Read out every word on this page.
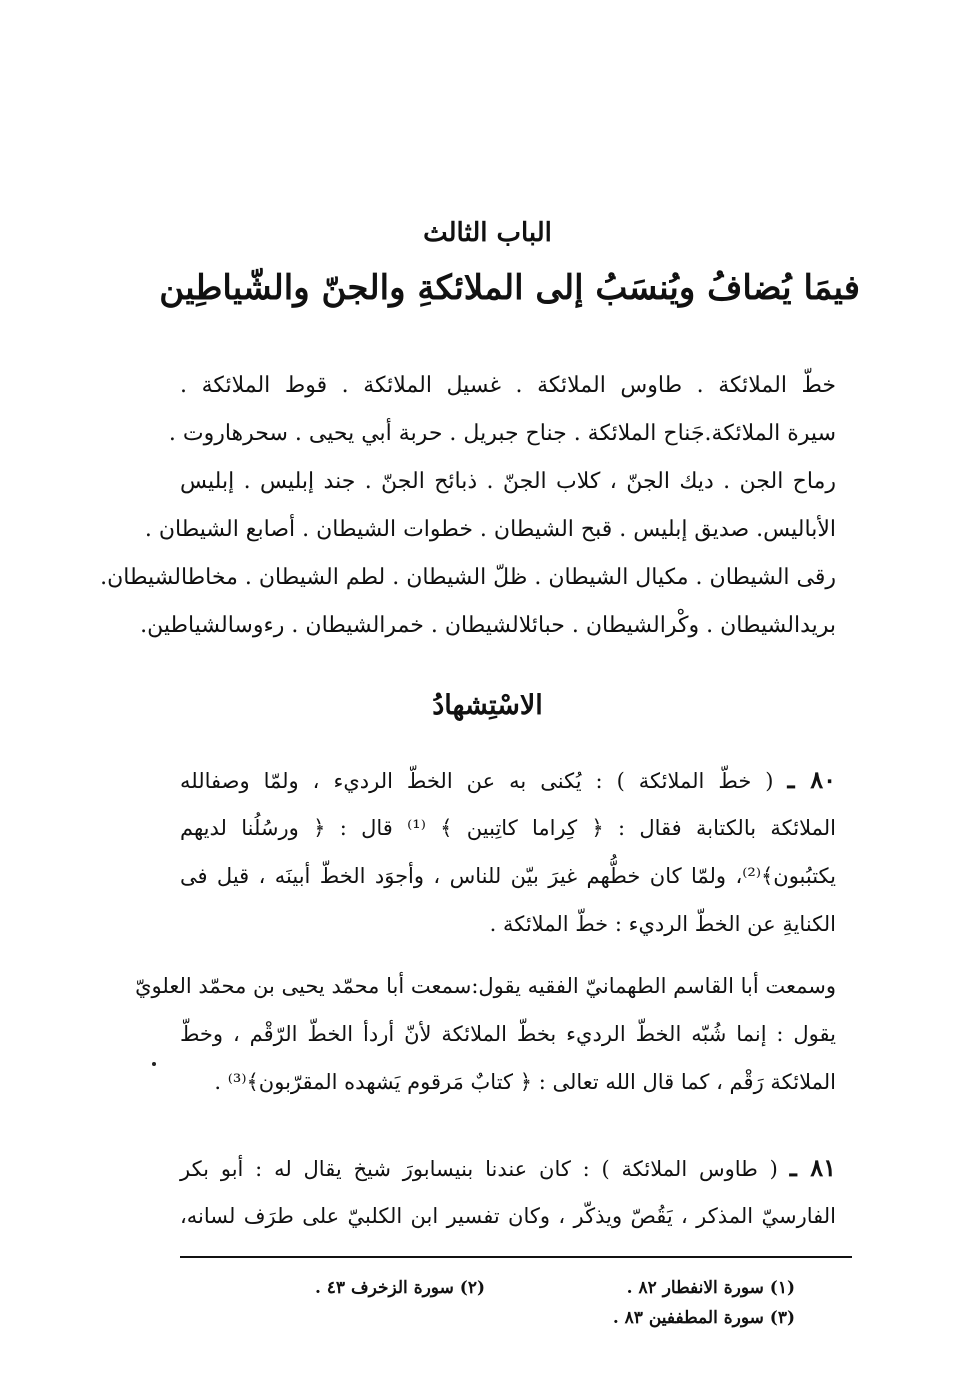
الباب الثالث
فيمَا يُضافُ ويُنسَبُ إلى الملائكةِ والجنّ والشّياطِين
خطّ الملائكة . طاوس الملائكة . غسيل الملائكة . قوط الملائكة .
سيرة الملائكة.جَناح الملائكة . جناح جبريل . حربة أبي يحيى . سحرهاروت .
رماح الجن . ديك الجنّ ، كلاب الجنّ . ذبائح الجنّ . جند إبليس . إبليس
الأباليس. صديق إبليس . قبح الشيطان . خطوات الشيطان . أصابع الشيطان .
رقى الشيطان . مكيال الشيطان . ظلّ الشيطان . لطم الشيطان . مخاطالشيطان.
بريدالشيطان . وكْرالشيطان . حبائلالشيطان . خمرالشيطان . رءوسالشياطين.
الاسْتِشهادُ
٨٠ ـ ( خطّ الملائكة ) : يُكنى به عن الخطّ الرديء ، ولمّا وصفالله
الملائكة بالكتابة فقال : ﴿ كِراما كاتِبين ﴾ ⁽¹⁾ قال : ﴿ ورسُلُنا لديهم
يكتبُبون﴾⁽²⁾، ولمّا كان خطُّهم غيرَ بيّن للناس ، وأجوَد الخطّ أبينَه ، قيل فى
الكنايةِ عن الخطّ الرديء : خطّ الملائكة .
وسمعت أبا القاسم الطهمانيّ الفقيه يقول:سمعت أبا محمّد يحيى بن محمّد العلويّ
يقول : إنما شُبّه الخطّ الرديء بخطّ الملائكة لأنّ أردأ الخطّ الرّقْم ، وخطّ
الملائكة رَقْم ، كما قال الله تعالى : ﴿ كتابٌ مَرقوم يَشهده المقرّبون﴾⁽³⁾ .
٨١ ـ ( طاوس الملائكة ) : كان عندنا بنيسابورَ شيخ يقال له : أبو بكر
الفارسيّ المذكر ، يَقُصّ ويذكّر ، وكان تفسير ابن الكلبيّ على طرَف لسانه،
(١) سورة الانفطار ٨٢ .
(٢) سورة الزخرف ٤٣ .
(٣) سورة المطففين ٨٣ .
